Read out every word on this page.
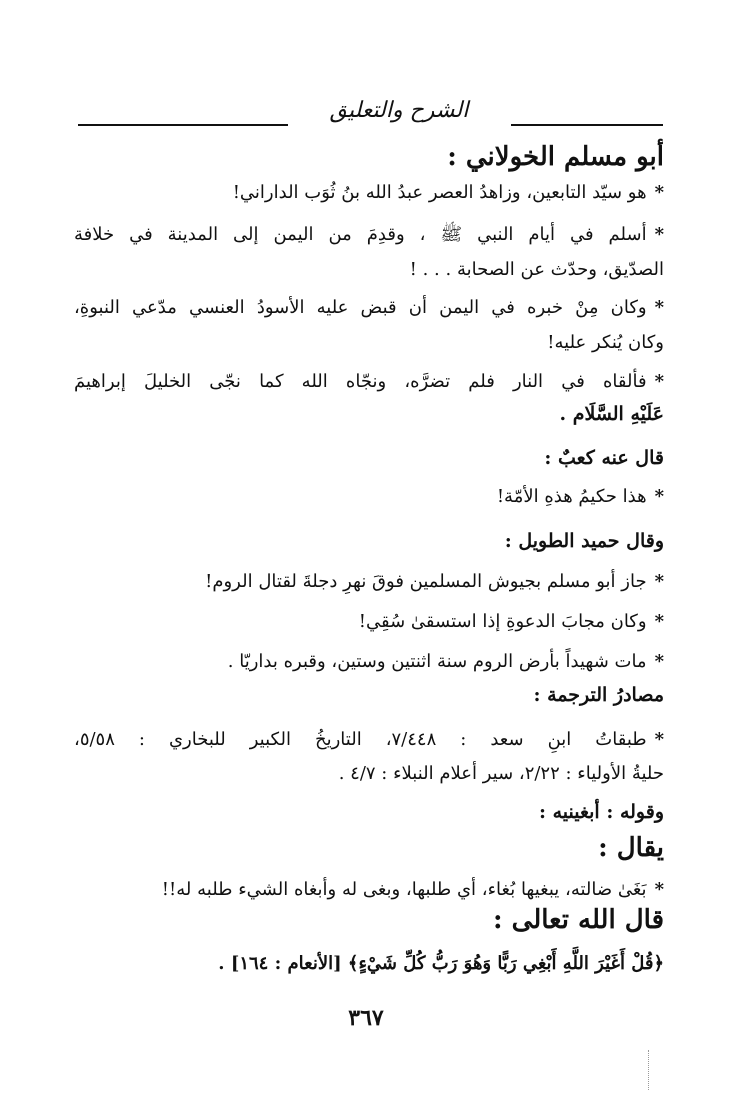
الشرح والتعليق
أبو مسلم الخولاني :
*هو سيّد التابعين، وزاهدُ العصر عبدُ الله بنُ ثُوَب الداراني!
*أسلم في أيام النبي ﷺ ، وقدِمَ من اليمن إلى المدينة في خلافة
الصدّيق، وحدّث عن الصحابة . . . !
*وكان مِنْ خبره في اليمن أن قبض عليه الأسودُ العنسي مدّعي النبوةِ،
وكان يُنكر عليه!
*فألقاه في النار فلم تضرَّه، ونجّاه الله كما نجّى الخليلَ إبراهيمَ
عَلَيْهِ السَّلَام .
قال عنه كعبٌ :
*هذا حكيمُ هذهِ الأمّة!
وقال حميد الطويل :
*جاز أبو مسلم بجيوش المسلمين فوقَ نهرِ دجلةَ لقتال الروم!
*وكان مجابَ الدعوةِ إذا استسقىٰ سُقِي!
*مات شهيداً بأرض الروم سنة اثنتين وستين، وقبره بداريّا .
مصادرُ الترجمة :
*طبقاتُ ابنِ سعد : ٧/٤٤٨، التاريخُ الكبير للبخاري : ٥/٥٨،
حليةُ الأولياء : ٢/٢٢، سير أعلام النبلاء : ٤/٧ .
وقوله : أبغينيه :
يقال :
*بَغَىٰ ضالته، يبغيها بُغاء، أي طلبها، وبغى له وأبغاه الشيء طلبه له!!
قال الله تعالى :
﴿قُلْ أَغَيْرَ اللَّهِ أَبْغِي رَبًّا وَهُوَ رَبُّ كُلِّ شَيْءٍ﴾ [الأنعام : ١٦٤] .
٣٦٧
